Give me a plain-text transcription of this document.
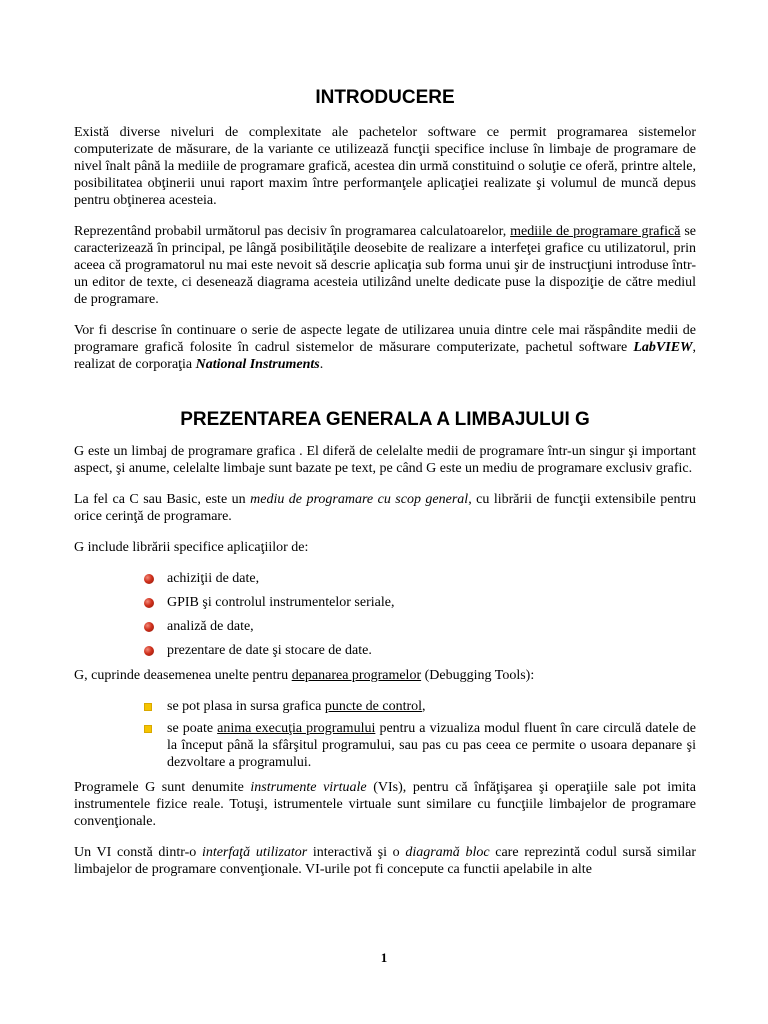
INTRODUCERE

Există diverse niveluri de complexitate ale pachetelor software ce permit programarea sistemelor computerizate de măsurare, de la variante ce utilizează funcţii specifice incluse în limbaje de programare de nivel înalt până la mediile de programare grafică, acestea din urmă constituind o soluţie ce oferă, printre altele, posibilitatea obţinerii unui raport maxim între performanţele aplicaţiei realizate şi volumul de muncă depus pentru obţinerea acesteia.

Reprezentând probabil următorul pas decisiv în programarea calculatoarelor, mediile de programare grafică se caracterizează în principal, pe lângă posibilităţile deosebite de realizare a interfeţei grafice cu utilizatorul, prin aceea că programatorul nu mai este nevoit să descrie aplicaţia sub forma unui şir de instrucţiuni introduse într-un editor de texte, ci desenează diagrama acesteia utilizând unelte dedicate puse la dispoziţie de către mediul de programare.

Vor fi descrise în continuare o serie de aspecte legate de utilizarea unuia dintre cele mai răspândite medii de programare grafică folosite în cadrul sistemelor de măsurare computerizate, pachetul software LabVIEW, realizat de corporaţia National Instruments.

PREZENTAREA GENERALA A LIMBAJULUI G

G este un limbaj de programare grafica . El diferă de celelalte medii de programare într-un singur şi important aspect, şi anume, celelalte limbaje sunt bazate pe text, pe când G este un mediu de programare exclusiv grafic.

La fel ca C sau Basic, este un mediu de programare cu scop general, cu librării de funcţii extensibile pentru orice cerinţă de programare.

G include librării specifice aplicaţiilor de:

achiziţii de date,
GPIB şi controlul instrumentelor seriale,
analiză de date,
prezentare de date şi stocare de date.

G, cuprinde deasemenea unelte pentru depanarea programelor (Debugging Tools):

se pot plasa in sursa grafica puncte de control,
se poate anima execuţia programului pentru a vizualiza modul fluent în care circulă datele de la început până la sfârşitul programului, sau pas cu pas ceea ce permite o usoara depanare şi dezvoltare a programului.

Programele G sunt denumite instrumente virtuale (VIs), pentru că înfăţişarea şi operaţiile sale pot imita instrumentele fizice reale. Totuşi, istrumentele virtuale sunt similare cu funcţiile limbajelor de programare convenţionale.

Un VI constă dintr-o interfaţă utilizator interactivă şi o diagramă bloc care reprezintă codul sursă similar limbajelor de programare convenţionale. VI-urile pot fi concepute ca functii apelabile in alte

1
